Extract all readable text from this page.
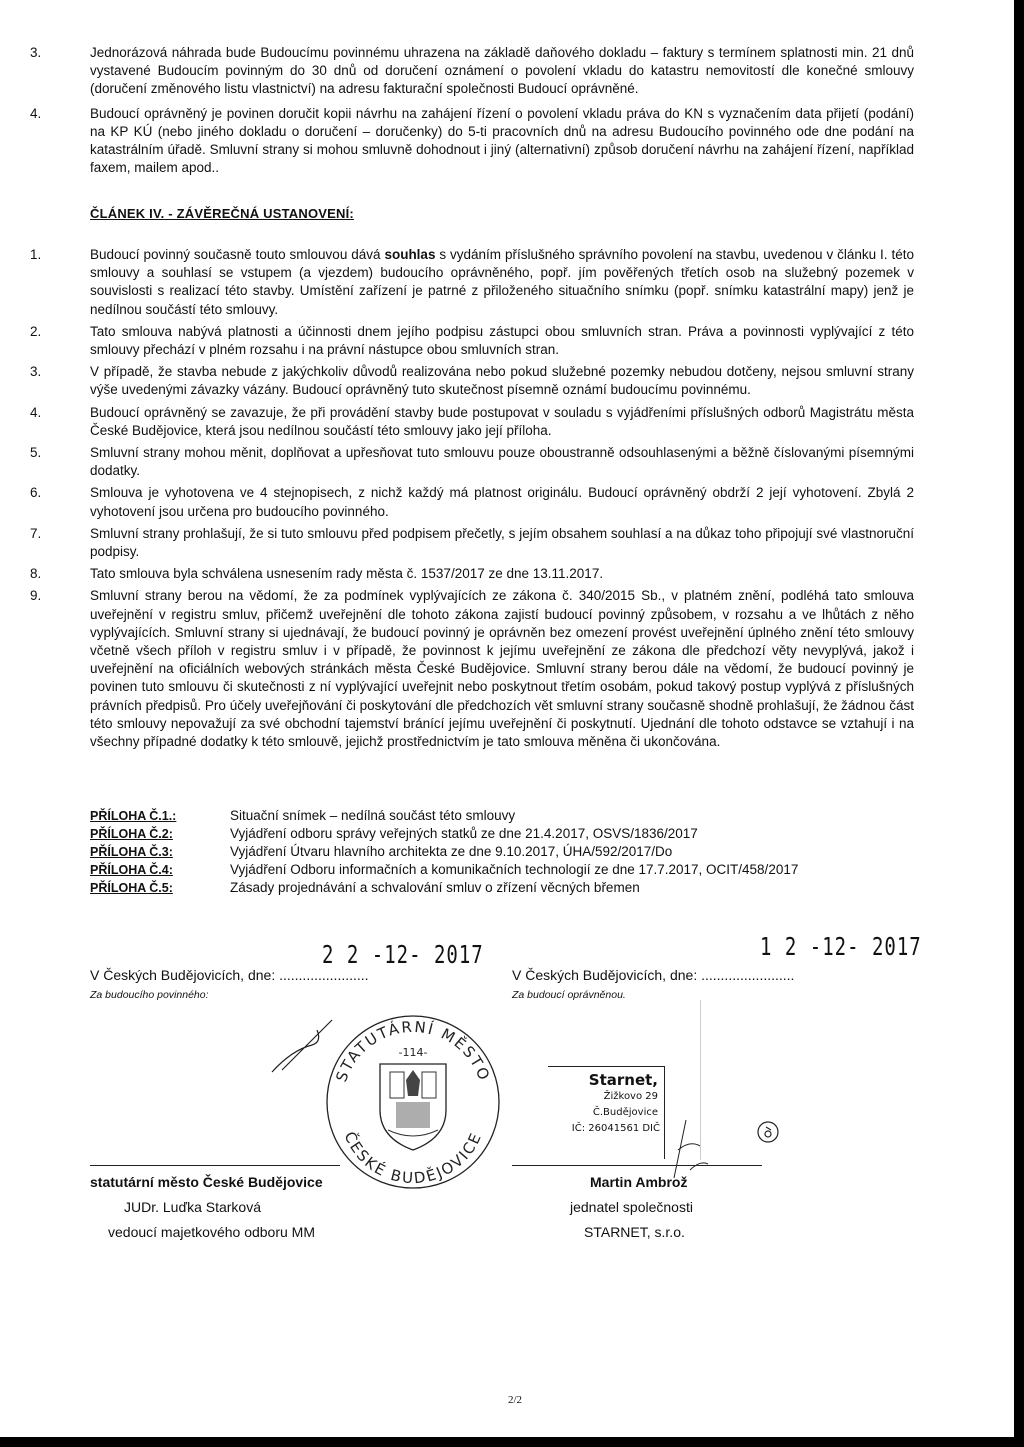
3.	Jednorázová náhrada bude Budoucímu povinnému uhrazena na základě daňového dokladu – faktury s termínem splatnosti min. 21 dnů vystavené Budoucím povinným do 30 dnů od doručení oznámení o povolení vkladu do katastru nemovitostí dle konečné smlouvy (doručení změnového listu vlastnictví) na adresu fakturační společnosti Budoucí oprávněné.
4.	Budoucí oprávněný je povinen doručit kopii návrhu na zahájení řízení o povolení vkladu práva do KN s vyznačením data přijetí (podání) na KP KÚ (nebo jiného dokladu o doručení – doručenky) do 5-ti pracovních dnů na adresu Budoucího povinného ode dne podání na katastrálním úřadě. Smluvní strany si mohou smluvně dohodnout i jiný (alternativní) způsob doručení návrhu na zahájení řízení, například faxem, mailem apod..
ČLÁNEK IV. - ZÁVĚREČNÁ USTANOVENÍ:
1.	Budoucí povinný současně touto smlouvou dává souhlas s vydáním příslušného správního povolení na stavbu, uvedenou v článku I. této smlouvy a souhlasí se vstupem (a vjezdem) budoucího oprávněného, popř. jím pověřených třetích osob na služebný pozemek v souvislosti s realizací této stavby. Umístění zařízení je patrné z přiloženého situačního snímku (popř. snímku katastrální mapy) jenž je nedílnou součástí této smlouvy.
2.	Tato smlouva nabývá platnosti a účinnosti dnem jejího podpisu zástupci obou smluvních stran. Práva a povinnosti vyplývající z této smlouvy přechází v plném rozsahu i na právní nástupce obou smluvních stran.
3.	V případě, že stavba nebude z jakýchkoliv důvodů realizována nebo pokud služebné pozemky nebudou dotčeny, nejsou smluvní strany výše uvedenými závazky vázány. Budoucí oprávněný tuto skutečnost písemně oznámí budoucímu povinnému.
4.	Budoucí oprávněný se zavazuje, že při provádění stavby bude postupovat v souladu s vyjádřeními příslušných odborů Magistrátu města České Budějovice, která jsou nedílnou součástí této smlouvy jako její příloha.
5.	Smluvní strany mohou měnit, doplňovat a upřesňovat tuto smlouvu pouze oboustranně odsouhlasenými a běžně číslovanými písemnými dodatky.
6.	Smlouva je vyhotovena ve 4 stejnopisech, z nichž každý má platnost originálu. Budoucí oprávněný obdrží 2 její vyhotovení. Zbylá 2 vyhotovení jsou určena pro budoucího povinného.
7.	Smluvní strany prohlašují, že si tuto smlouvu před podpisem přečetly, s jejím obsahem souhlasí a na důkaz toho připojují své vlastnoruční podpisy.
8.	Tato smlouva byla schválena usnesením rady města č. 1537/2017 ze dne 13.11.2017.
9.	Smluvní strany berou na vědomí, že za podmínek vyplývajících ze zákona č. 340/2015 Sb., v platném znění, podléhá tato smlouva uveřejnění v registru smluv, přičemž uveřejnění dle tohoto zákona zajistí budoucí povinný způsobem, v rozsahu a ve lhůtách z něho vyplývajících. Smluvní strany si ujednávají, že budoucí povinný je oprávněn bez omezení provést uveřejnění úplného znění této smlouvy včetně všech příloh v registru smluv i v případě, že povinnost k jejímu uveřejnění ze zákona dle předchozí věty nevyplývá, jakož i uveřejnění na oficiálních webových stránkách města České Budějovice. Smluvní strany berou dále na vědomí, že budoucí povinný je povinen tuto smlouvu či skutečnosti z ní vyplývající uveřejnit nebo poskytnout třetím osobám, pokud takový postup vyplývá z příslušných právních předpisů. Pro účely uveřejňování či poskytování dle předchozích vět smluvní strany současně shodně prohlašují, že žádnou část této smlouvy nepovažují za své obchodní tajemství bránící jejímu uveřejnění či poskytnutí. Ujednání dle tohoto odstavce se vztahují i na všechny případné dodatky k této smlouvě, jejichž prostřednictvím je tato smlouva měněna či ukončována.
PŘÍLOHA Č.1.:	Situační snímek – nedílná součást této smlouvy
PŘÍLOHA Č.2:	Vyjádření odboru správy veřejných statků ze dne 21.4.2017, OSVS/1836/2017
PŘÍLOHA Č.3:	Vyjádření Útvaru hlavního architekta ze dne 9.10.2017, ÚHA/592/2017/Do
PŘÍLOHA Č.4:	Vyjádření Odboru informačních a komunikačních technologií ze dne 17.7.2017, OCIT/458/2017
PŘÍLOHA Č.5:	Zásady projednávání a schvalování smluv o zřízení věcných břemen
2 2 -12- 2017	1 2 -12- 2017
V Českých Budějovicích, dne: .......................	V Českých Budějovicích, dne: ........................
Za budoucího povinného:	Za budoucí oprávněnou.
STATUTÁRNÍ MĚSTO
ČESKÉ BUDĚJOVICE
-114-
Starnet,
Žižkovo 29
Č.Budějovice
IČ: 26041561 DIČ
statutární město České Budějovice
JUDr. Luďka Starková
vedoucí majetkového odboru MM
Martin Ambrož
jednatel společnosti
STARNET, s.r.o.
2/2
